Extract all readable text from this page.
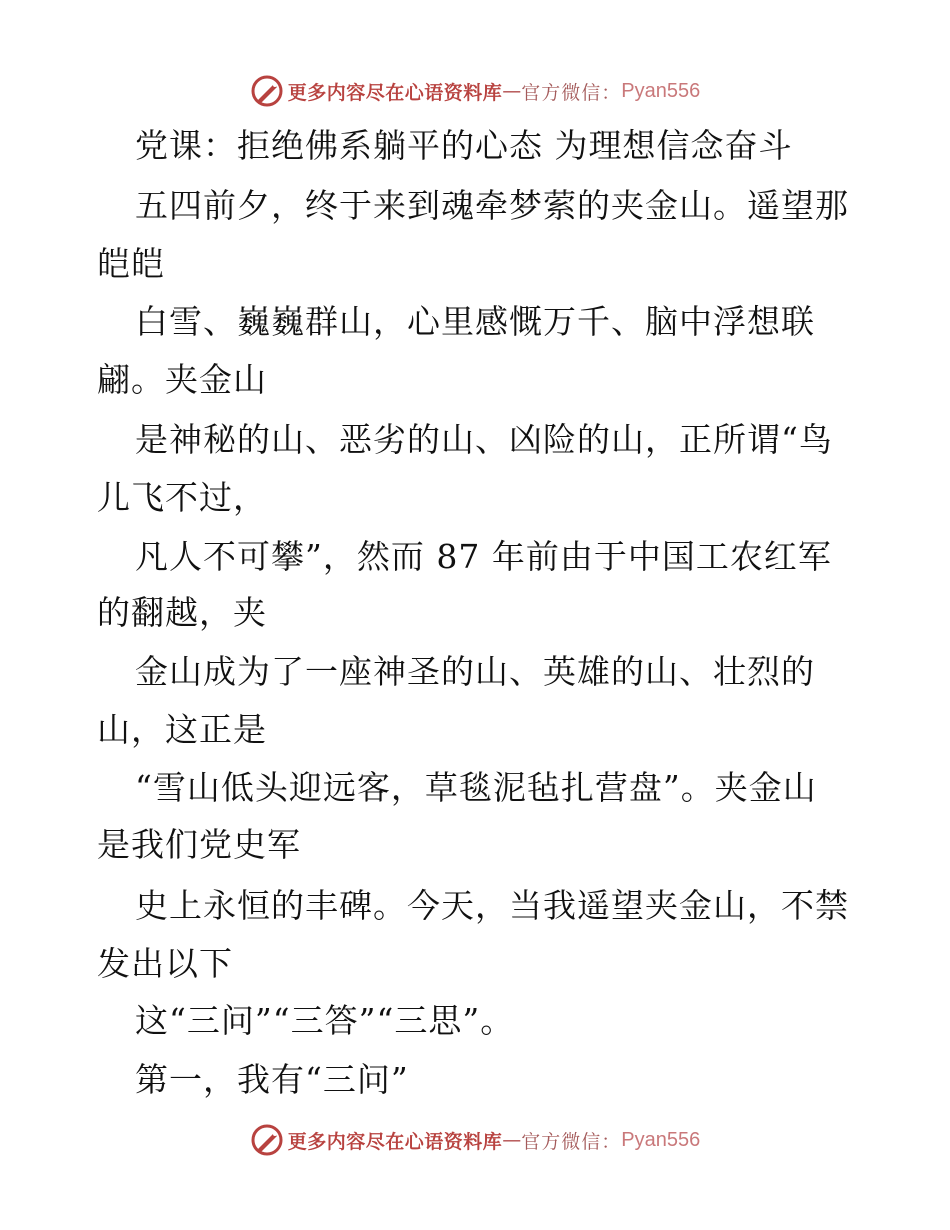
更多内容尽在心语资料库 — 官方微信： Pyan556
党课：拒绝佛系躺平的心态 为理想信念奋斗
五四前夕，终于来到魂牵梦萦的夹金山。遥望那
皑皑
白雪、巍巍群山，心里感慨万千、脑中浮想联
翩。夹金山
是神秘的山、恶劣的山、凶险的山，正所谓“鸟
儿飞不过，
凡人不可攀”，然而 87 年前由于中国工农红军
的翻越，夹
金山成为了一座神圣的山、英雄的山、壮烈的
山，这正是
“雪山低头迎远客，草毯泥毡扎营盘”。夹金山
是我们党史军
史上永恒的丰碑。今天，当我遥望夹金山，不禁
发出以下
这“三问”“三答”“三思”。
第一，我有“三问”
更多内容尽在心语资料库 — 官方微信： Pyan556
